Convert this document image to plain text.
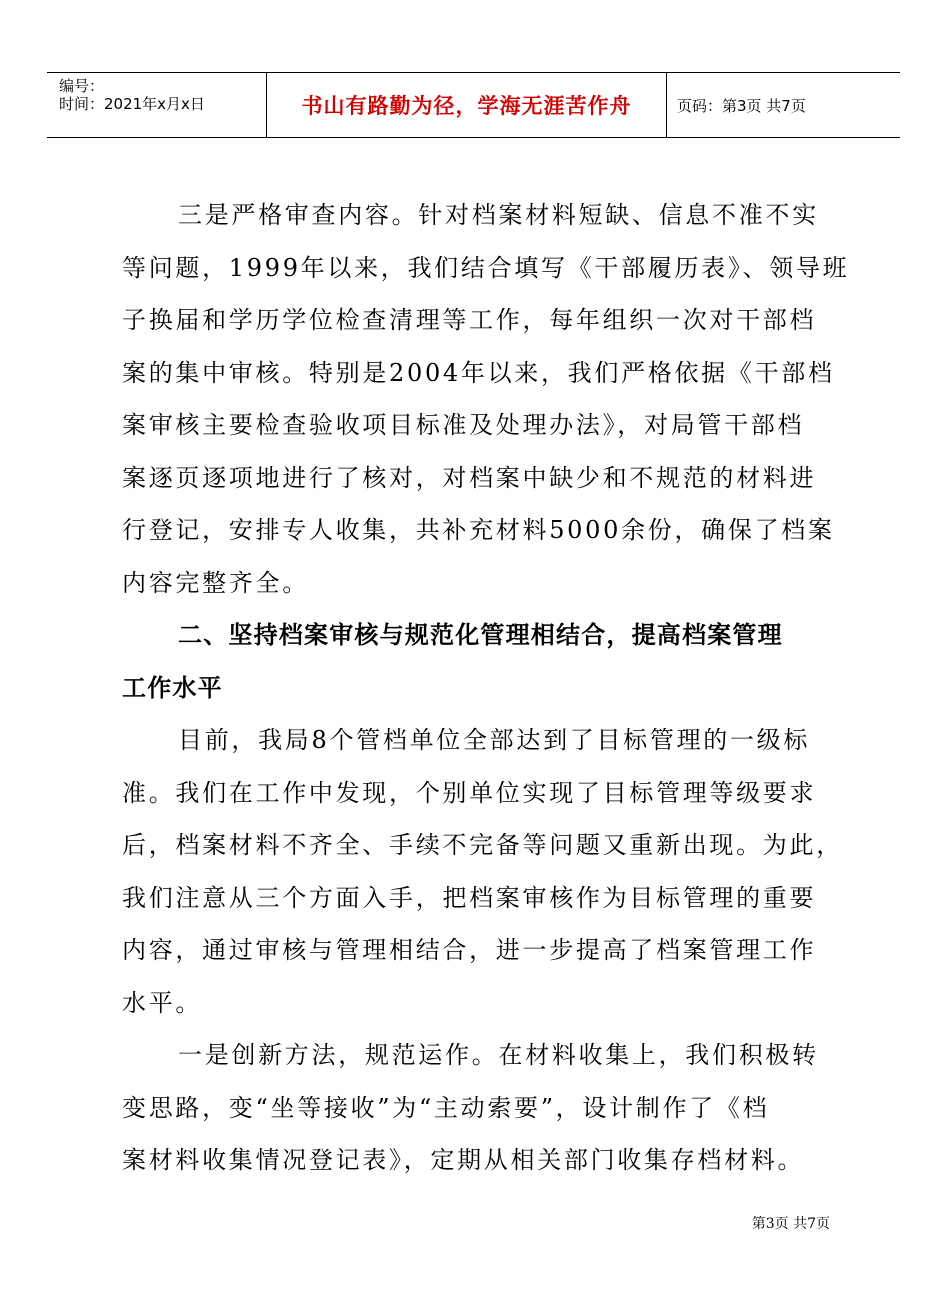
编号：
时间：2021年x月x日	书山有路勤为径，学海无涯苦作舟	页码：第3页 共7页
三是严格审查内容。针对档案材料短缺、信息不准不实
等问题，1999年以来，我们结合填写《干部履历表》、领导班
子换届和学历学位检查清理等工作，每年组织一次对干部档
案的集中审核。特别是2004年以来，我们严格依据《干部档
案审核主要检查验收项目标准及处理办法》，对局管干部档
案逐页逐项地进行了核对，对档案中缺少和不规范的材料进
行登记，安排专人收集，共补充材料5000余份，确保了档案
内容完整齐全。
二、坚持档案审核与规范化管理相结合，提高档案管理
工作水平
目前，我局8个管档单位全部达到了目标管理的一级标
准。我们在工作中发现，个别单位实现了目标管理等级要求
后，档案材料不齐全、手续不完备等问题又重新出现。为此，
我们注意从三个方面入手，把档案审核作为目标管理的重要
内容，通过审核与管理相结合，进一步提高了档案管理工作
水平。
一是创新方法，规范运作。在材料收集上，我们积极转
变思路，变“坐等接收”为“主动索要”，设计制作了《档
案材料收集情况登记表》，定期从相关部门收集存档材料。
第3页 共7页
